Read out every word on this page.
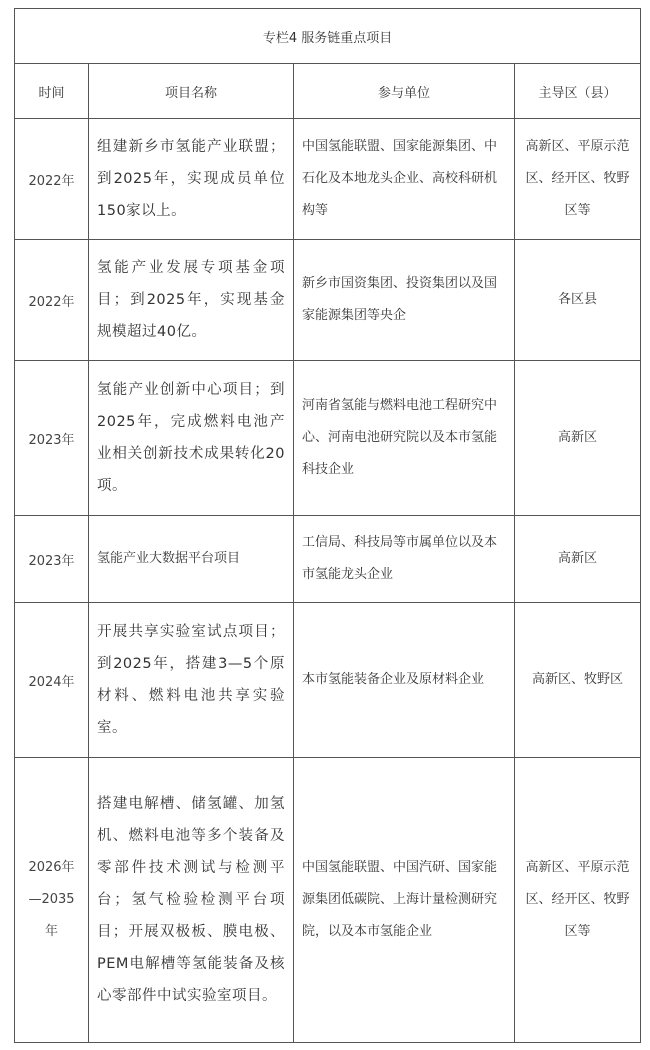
专栏4 服务链重点项目			
时间	项目名称	参与单位	主导区（县）
2022年	组建新乡市氢能产业联盟；到2025年，实现成员单位150家以上。	中国氢能联盟、国家能源集团、中石化及本地龙头企业、高校科研机构等	高新区、平原示范区、经开区、牧野区等
2022年	氢能产业发展专项基金项目；到2025年，实现基金规模超过40亿。	新乡市国资集团、投资集团以及国家能源集团等央企	各区县
2023年	氢能产业创新中心项目；到2025年，完成燃料电池产业相关创新技术成果转化20项。	河南省氢能与燃料电池工程研究中心、河南电池研究院以及本市氢能科技企业	高新区
2023年	氢能产业大数据平台项目	工信局、科技局等市属单位以及本市氢能龙头企业	高新区
2024年	开展共享实验室试点项目；到2025年，搭建3—5个原材料、燃料电池共享实验室。	本市氢能装备企业及原材料企业	高新区、牧野区

2026年
—2035
年	搭建电解槽、储氢罐、加氢机、燃料电池等多个装备及零部件技术测试与检测平台；氢气检验检测平台项目；开展双极板、膜电极、PEM电解槽等氢能装备及核心零部件中试实验室项目。	中国氢能联盟、中国汽研、国家能源集团低碳院、上海计量检测研究院，以及本市氢能企业	高新区、平原示范区、经开区、牧野区等
